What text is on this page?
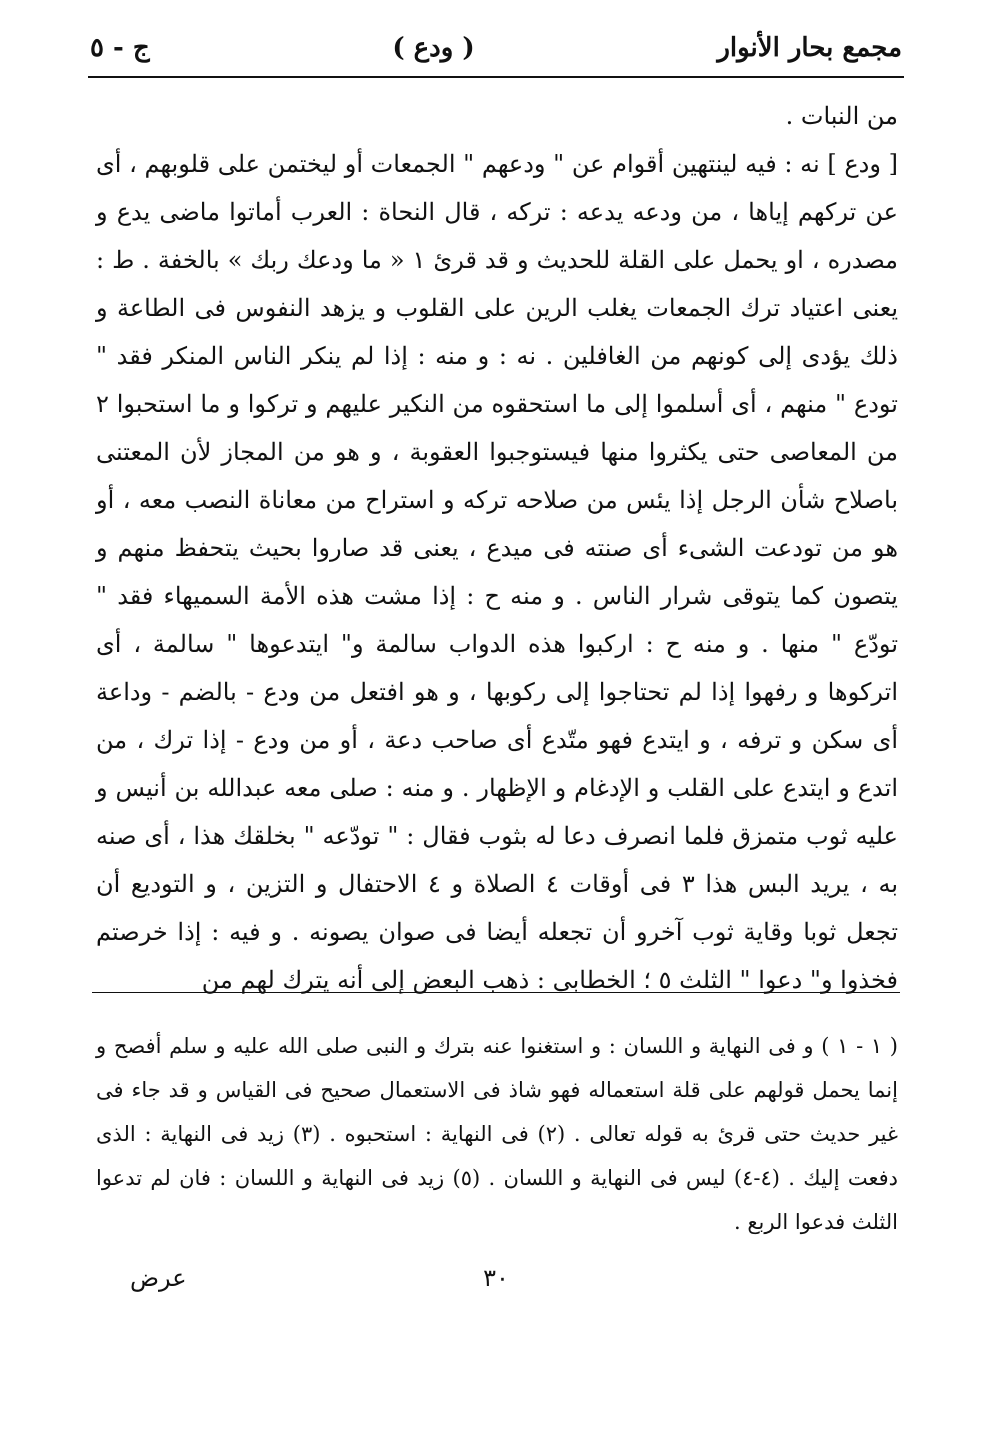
مجمع بحار الأنوار
( ودع )
ج - ٥

من النبات .

[ ودع ] نه : فيه لينتهين أقوام عن " ودعهم " الجمعات أو ليختمن على قلوبهم ، أى عن تركهم إياها ، من ودعه يدعه : تركه ، قال النحاة : العرب أماتوا ماضى يدع و مصدره ، او يحمل على القلة للحديث و قد قرئ ١ « ما ودعك ربك » بالخفة . ط : يعنى اعتياد ترك الجمعات يغلب الرين على القلوب و يزهد النفوس فى الطاعة و ذلك يؤدى إلى كونهم من الغافلين . نه : و منه : إذا لم ينكر الناس المنكر فقد " تودع " منهم ، أى أسلموا إلى ما استحقوه من النكير عليهم و تركوا و ما استحبوا ٢ من المعاصى حتى يكثروا منها فيستوجبوا العقوبة ، و هو من المجاز لأن المعتنى باصلاح شأن الرجل إذا يئس من صلاحه تركه و استراح من معاناة النصب معه ، أو هو من تودعت الشىء أى صنته فى ميدع ، يعنى قد صاروا بحيث يتحفظ منهم و يتصون كما يتوقى شرار الناس . و منه ح : إذا مشت هذه الأمة السميهاء فقد " تودّع " منها . و منه ح : اركبوا هذه الدواب سالمة و" ايتدعوها " سالمة ، أى اتركوها و رفهوا إذا لم تحتاجوا إلى ركوبها ، و هو افتعل من ودع - بالضم - وداعة أى سكن و ترفه ، و ايتدع فهو متّدع أى صاحب دعة ، أو من ودع - إذا ترك ، من اتدع و ايتدع على القلب و الإدغام و الإظهار . و منه : صلى معه عبدالله بن أنيس و عليه ثوب متمزق فلما انصرف دعا له بثوب فقال : " تودّعه " بخلقك هذا ، أى صنه به ، يريد البس هذا ٣ فى أوقات ٤ الصلاة و ٤ الاحتفال و التزين ، و التوديع أن تجعل ثوبا وقاية ثوب آخرو أن تجعله أيضا فى صوان يصونه . و فيه : إذا خرصتم فخذوا و" دعوا " الثلث ٥ ؛ الخطابى : ذهب البعض إلى أنه يترك لهم من

( ١ - ١ ) و فى النهاية و اللسان : و استغنوا عنه بترك و النبى صلى الله عليه و سلم أفصح و إنما يحمل قولهم على قلة استعماله فهو شاذ فى الاستعمال صحيح فى القياس و قد جاء فى غير حديث حتى قرئ به قوله تعالى . (٢) فى النهاية : استحبوه . (٣) زيد فى النهاية : الذى دفعت إليك . (٤-٤) ليس فى النهاية و اللسان . (٥) زيد فى النهاية و اللسان : فان لم تدعوا الثلث فدعوا الربع .

٣٠
عرض
